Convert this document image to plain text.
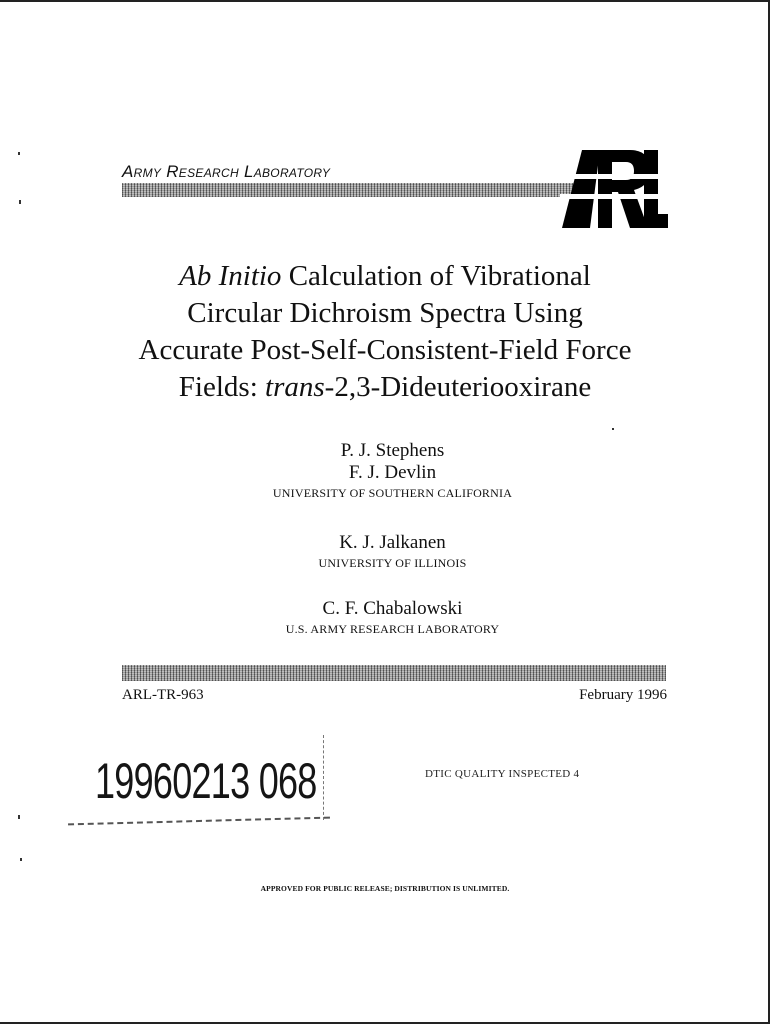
Army Research Laboratory
Ab Initio Calculation of Vibrational
Circular Dichroism Spectra Using
Accurate Post-Self-Consistent-Field Force
Fields: trans-2,3-Dideuteriooxirane
P. J. Stephens
F. J. Devlin
UNIVERSITY OF SOUTHERN CALIFORNIA
K. J. Jalkanen
UNIVERSITY OF ILLINOIS
C. F. Chabalowski
U.S. ARMY RESEARCH LABORATORY
ARL-TR-963	February 1996
19960213 068	DTIC QUALITY INSPECTED 4
APPROVED FOR PUBLIC RELEASE; DISTRIBUTION IS UNLIMITED.
